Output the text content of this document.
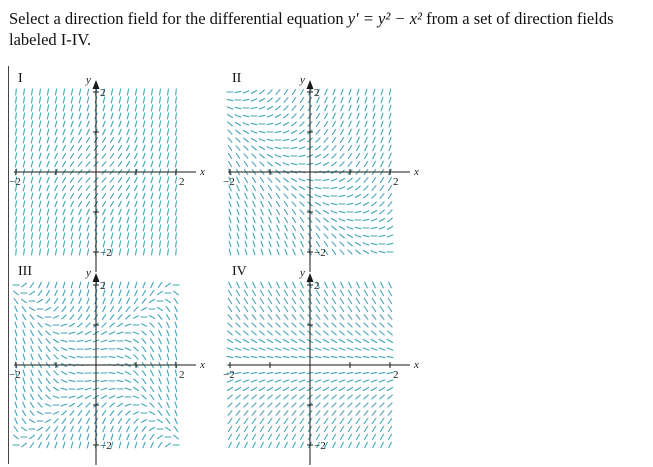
Select a direction field for the differential equation y′ = y² − x² from a set of direction fields labeled I-IV.
I	y
x
−2	2
2
−2
II	y
x
−2	2
2
−2
III	y
x
−2	2
2
−2
IV	y
x
−2	2
2
−2
